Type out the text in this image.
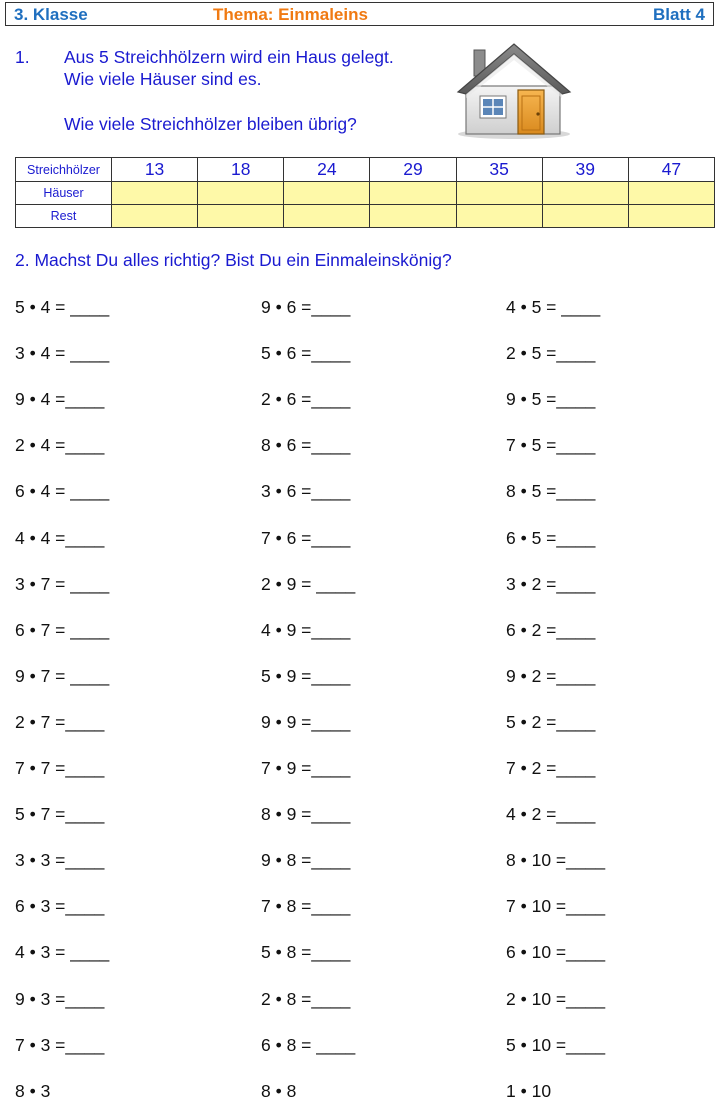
3. Klasse	Thema: Einmaleins	Blatt 4
1. Aus 5 Streichhölzern wird ein Haus gelegt.
Wie viele Häuser sind es.
Wie viele Streichhölzer bleiben übrig?
Streichhölzer	13	18	24	29	35	39	47
Häuser							
Rest							
2. Machst Du alles richtig? Bist Du ein Einmaleinskönig?
5 • 4 = ____
3 • 4 = ____
9 • 4 =____
2 • 4 =____
6 • 4 = ____
4 • 4 =____
3 • 7 = ____
6 • 7 = ____
9 • 7 = ____
2 • 7 =____
7 • 7 =____
5 • 7 =____
3 • 3 =____
6 • 3 =____
4 • 3 = ____
9 • 3 =____
7 • 3 =____
8 • 3
9 • 6 =____
5 • 6 =____
2 • 6 =____
8 • 6 =____
3 • 6 =____
7 • 6 =____
2 • 9 = ____
4 • 9 =____
5 • 9 =____
9 • 9 =____
7 • 9 =____
8 • 9 =____
9 • 8 =____
7 • 8 =____
5 • 8 =____
2 • 8 =____
6 • 8 = ____
8 • 8
4 • 5 = ____
2 • 5 =____
9 • 5 =____
7 • 5 =____
8 • 5 =____
6 • 5 =____
3 • 2 =____
6 • 2 =____
9 • 2 =____
5 • 2 =____
7 • 2 =____
4 • 2 =____
8 • 10 =____
7 • 10 =____
6 • 10 =____
2 • 10 =____
5 • 10 =____
1 • 10
